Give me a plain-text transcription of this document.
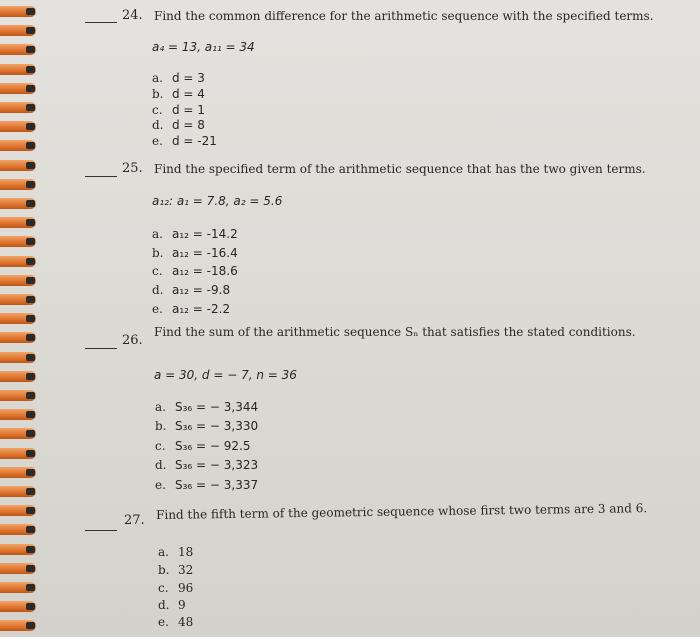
24. Find the common difference for the arithmetic sequence with the specified terms.
a₄ = 13, a₁₁ = 34
a. d = 3
b. d = 4
c. d = 1
d. d = 8
e. d = -21
25. Find the specified term of the arithmetic sequence that has the two given terms.
a₁₂: a₁ = 7.8, a₂ = 5.6
a. a₁₂ = -14.2
b. a₁₂ = -16.4
c. a₁₂ = -18.6
d. a₁₂ = -9.8
e. a₁₂ = -2.2
26.
Find the sum of the arithmetic sequence Sₙ that satisfies the stated conditions.
a = 30, d = − 7, n = 36
a. S₃₆ = − 3,344
b. S₃₆ = − 3,330
c. S₃₆ = − 92.5
d. S₃₆ = − 3,323
e. S₃₆ = − 3,337
27. Find the fifth term of the geometric sequence whose first two terms are 3 and 6.
a. 18
b. 32
c. 96
d. 9
e. 48
